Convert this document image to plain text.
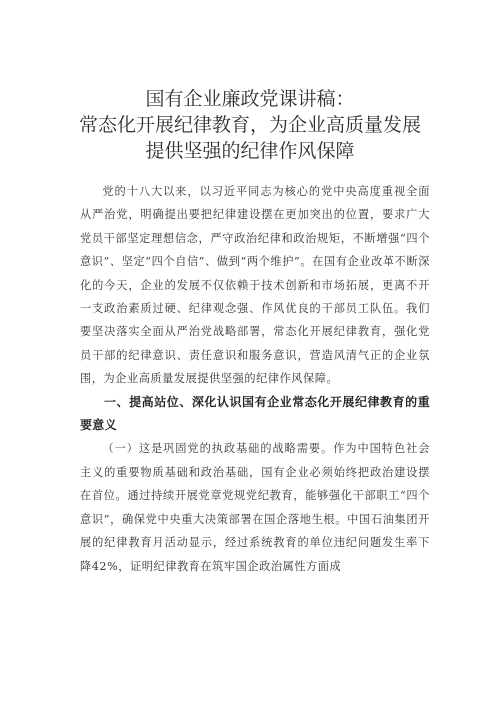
国有企业廉政党课讲稿：
常态化开展纪律教育，为企业高质量发展
提供坚强的纪律作风保障

党的十八大以来，以习近平同志为核心的党中央高度重视全面从严治党，明确提出要把纪律建设摆在更加突出的位置，要求广大党员干部坚定理想信念，严守政治纪律和政治规矩，不断增强“四个意识”、坚定“四个自信”、做到“两个维护”。在国有企业改革不断深化的今天，企业的发展不仅依赖于技术创新和市场拓展，更离不开一支政治素质过硬、纪律观念强、作风优良的干部员工队伍。我们要坚决落实全面从严治党战略部署，常态化开展纪律教育，强化党员干部的纪律意识、责任意识和服务意识，营造风清气正的企业氛围，为企业高质量发展提供坚强的纪律作风保障。

一、提高站位、深化认识国有企业常态化开展纪律教育的重要意义

（一）这是巩固党的执政基础的战略需要。作为中国特色社会主义的重要物质基础和政治基础，国有企业必须始终把政治建设摆在首位。通过持续开展党章党规党纪教育，能够强化干部职工“四个意识”，确保党中央重大决策部署在国企落地生根。中国石油集团开展的纪律教育月活动显示，经过系统教育的单位违纪问题发生率下降42%，证明纪律教育在筑牢国企政治属性方面成
